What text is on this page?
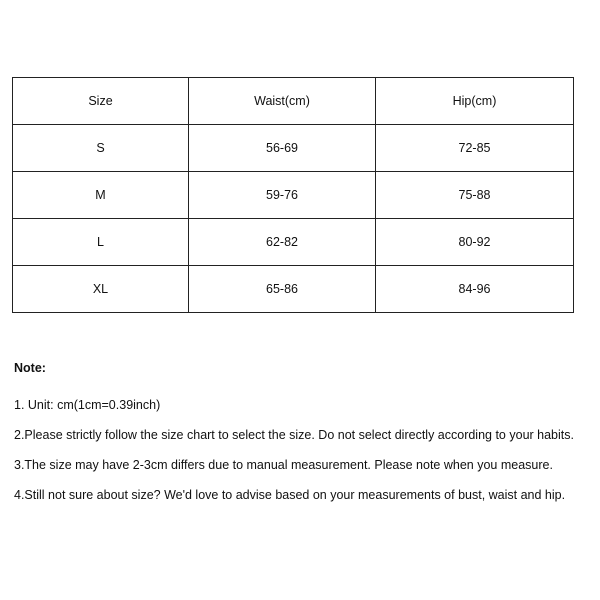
Size	Waist(cm)	Hip(cm)
S	56-69	72-85
M	59-76	75-88
L	62-82	80-92
XL	65-86	84-96

Note:

1. Unit: cm(1cm=0.39inch)
2.Please strictly follow the size chart to select the size. Do not select directly according to your habits.
3.The size may have 2-3cm differs due to manual measurement. Please note when you measure.
4.Still not sure about size? We'd love to advise based on your measurements of bust, waist and hip.
